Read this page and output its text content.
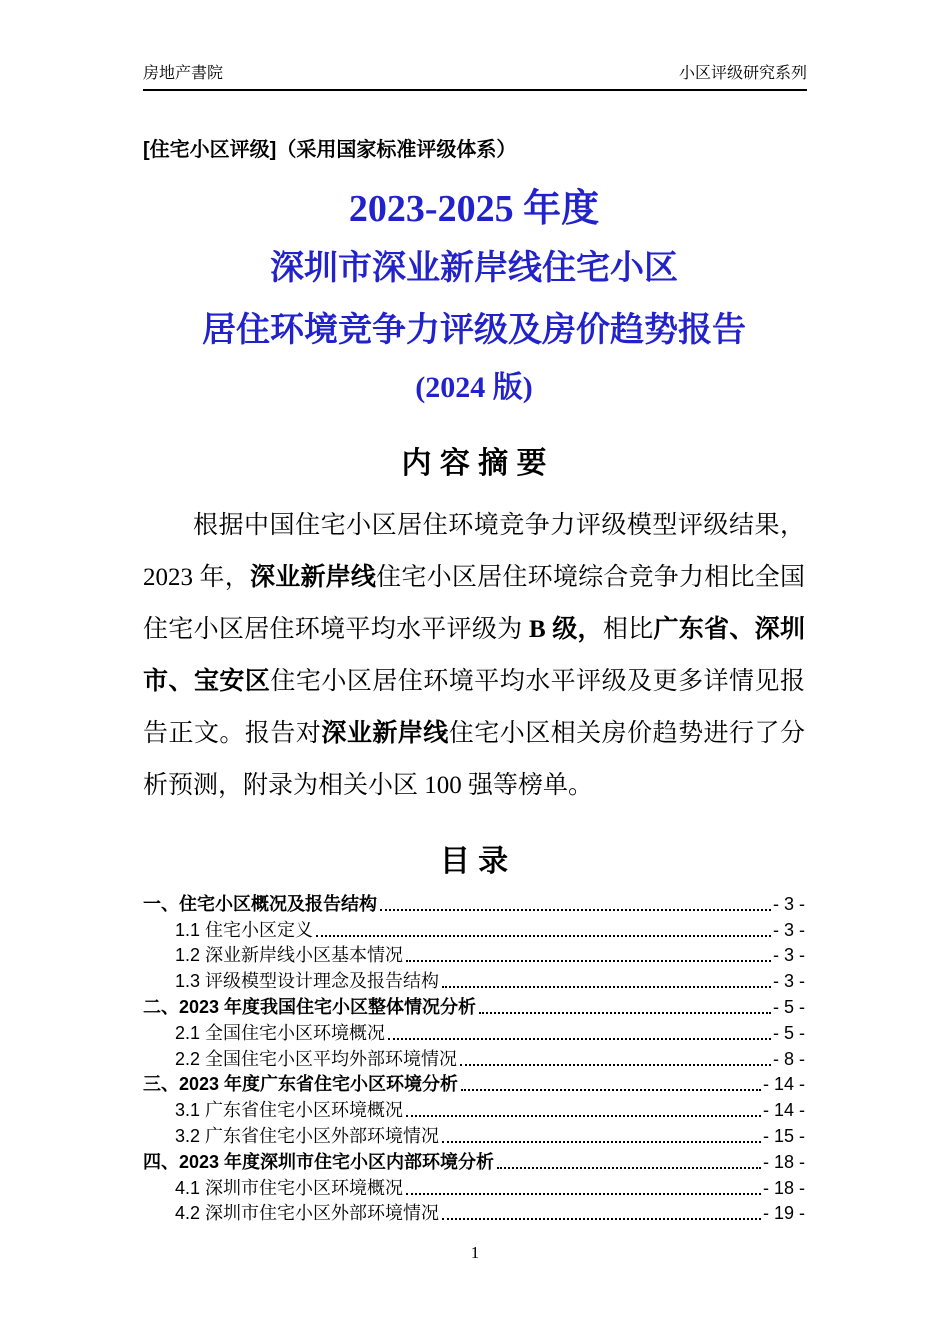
房地产書院	小区评级研究系列
[住宅小区评级]（采用国家标准评级体系）
2023-2025 年度
深圳市深业新岸线住宅小区
居住环境竞争力评级及房价趋势报告
(2024 版)
内 容 摘 要

根据中国住宅小区居住环境竞争力评级模型评级结果，2023 年，深业新岸线住宅小区居住环境综合竞争力相比全国住宅小区居住环境平均水平评级为 B 级，相比广东省、深圳市、宝安区住宅小区居住环境平均水平评级及更多详情见报告正文。报告对深业新岸线住宅小区相关房价趋势进行了分析预测，附录为相关小区 100 强等榜单。

目 录
一、住宅小区概况及报告结构	- 3 -
1.1 住宅小区定义	- 3 -
1.2 深业新岸线小区基本情况	- 3 -
1.3 评级模型设计理念及报告结构	- 3 -
二、2023 年度我国住宅小区整体情况分析	- 5 -
2.1 全国住宅小区环境概况	- 5 -
2.2 全国住宅小区平均外部环境情况	- 8 -
三、2023 年度广东省住宅小区环境分析	- 14 -
3.1 广东省住宅小区环境概况	- 14 -
3.2 广东省住宅小区外部环境情况	- 15 -
四、2023 年度深圳市住宅小区内部环境分析	- 18 -
4.1 深圳市住宅小区环境概况	- 18 -
4.2 深圳市住宅小区外部环境情况	- 19 -
1
